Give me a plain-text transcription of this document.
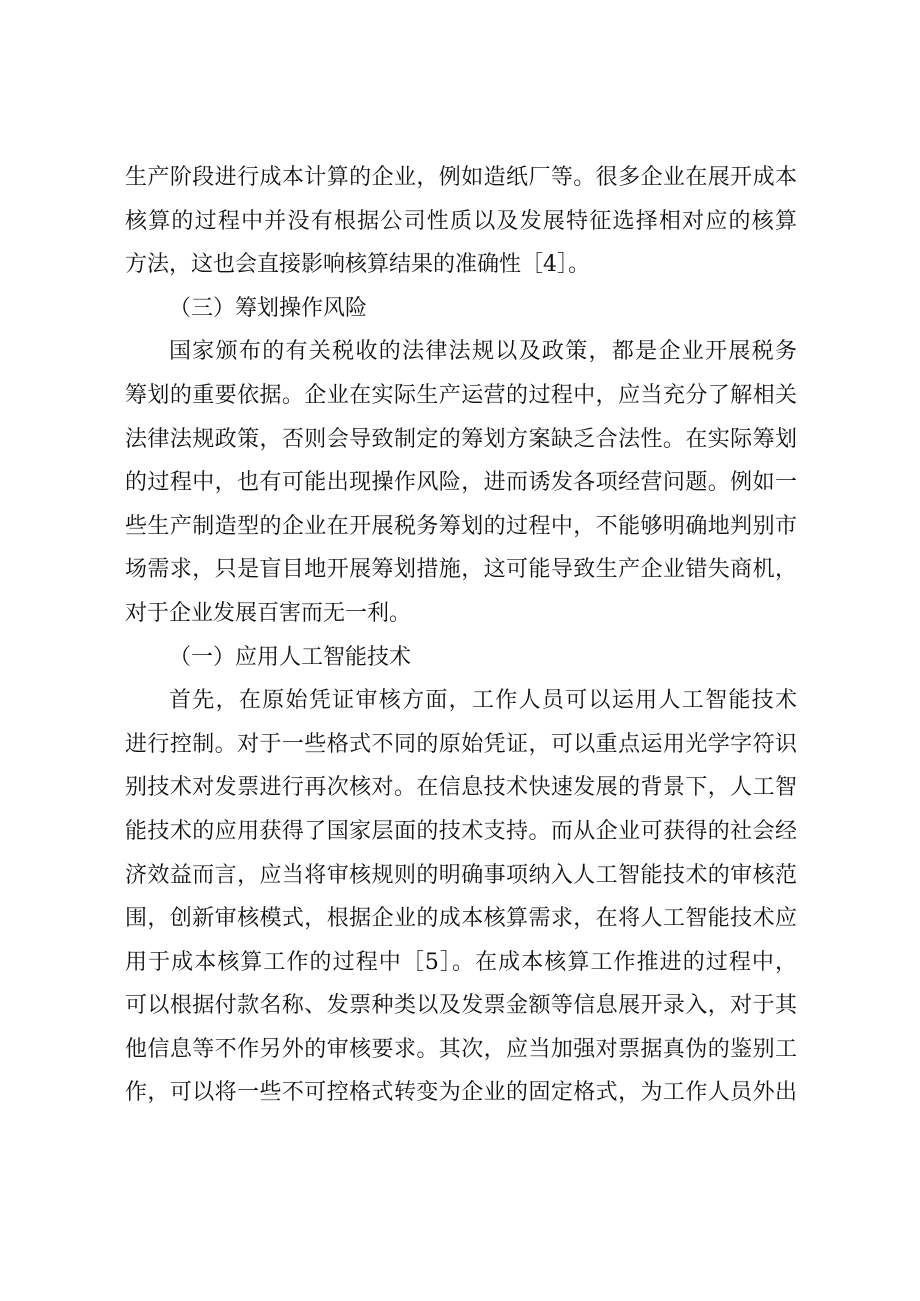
生产阶段进行成本计算的企业，例如造纸厂等。很多企业在展开成本
核算的过程中并没有根据公司性质以及发展特征选择相对应的核算
方法，这也会直接影响核算结果的准确性［4］。
（三）筹划操作风险
国家颁布的有关税收的法律法规以及政策，都是企业开展税务
筹划的重要依据。企业在实际生产运营的过程中，应当充分了解相关
法律法规政策，否则会导致制定的筹划方案缺乏合法性。在实际筹划
的过程中，也有可能出现操作风险，进而诱发各项经营问题。例如一
些生产制造型的企业在开展税务筹划的过程中，不能够明确地判别市
场需求，只是盲目地开展筹划措施，这可能导致生产企业错失商机，
对于企业发展百害而无一利。
（一）应用人工智能技术
首先，在原始凭证审核方面，工作人员可以运用人工智能技术
进行控制。对于一些格式不同的原始凭证，可以重点运用光学字符识
别技术对发票进行再次核对。在信息技术快速发展的背景下，人工智
能技术的应用获得了国家层面的技术支持。而从企业可获得的社会经
济效益而言，应当将审核规则的明确事项纳入人工智能技术的审核范
围，创新审核模式，根据企业的成本核算需求，在将人工智能技术应
用于成本核算工作的过程中［5］。在成本核算工作推进的过程中，
可以根据付款名称、发票种类以及发票金额等信息展开录入，对于其
他信息等不作另外的审核要求。其次，应当加强对票据真伪的鉴别工
作，可以将一些不可控格式转变为企业的固定格式，为工作人员外出
